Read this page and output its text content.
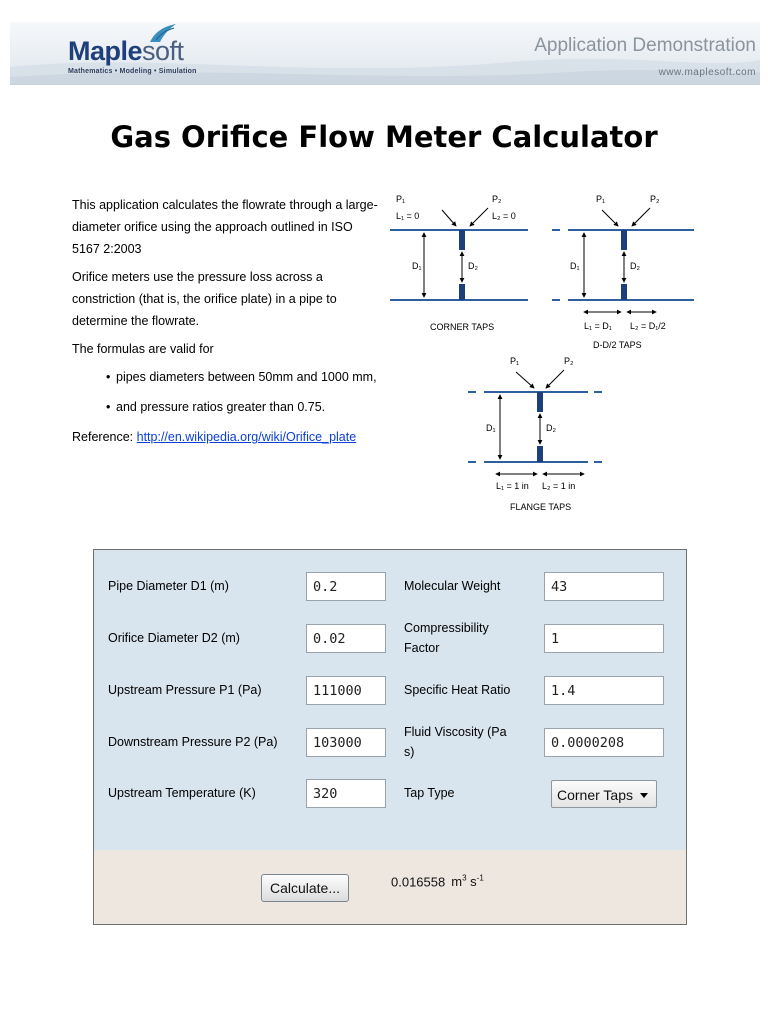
Maplesoft
Mathematics • Modeling • Simulation
Application Demonstration
www.maplesoft.com
Gas Orifice Flow Meter Calculator

This application calculates the flowrate through a large-diameter orifice using the approach outlined in ISO 5167 2:2003

Orifice meters use the pressure loss across a constriction (that is, the orifice plate) in a pipe to determine the flowrate.

The formulas are valid for

• pipes diameters between 50mm and 1000 mm,
• and pressure ratios greater than 0.75.
Reference: http://en.wikipedia.org/wiki/Orifice_plate
D₁	D₂
P₁
L₁ = 0
P₂
L₂ = 0
CORNER TAPS
D₁	D₂
P₁	P₂
L₁ = D₁ L₂ = D₁/2
D-D/2 TAPS
D₁	D₂
P₁	P₂
L₁ = 1 in L₂ = 1 in
FLANGE TAPS
Pipe Diameter D1 (m)	0.2
Orifice Diameter D2 (m)	0.02
Upstream Pressure P1 (Pa)	111000
Downstream Pressure P2 (Pa)	103000
Upstream Temperature (K)	320
Molecular Weight	43
Compressibility
Factor
1
Specific Heat Ratio	1.4
Fluid Viscosity (Pa
s)
0.0000208
Tap Type	Corner Taps
Calculate...	0.016558 $m^3$ $s^{-1}$
